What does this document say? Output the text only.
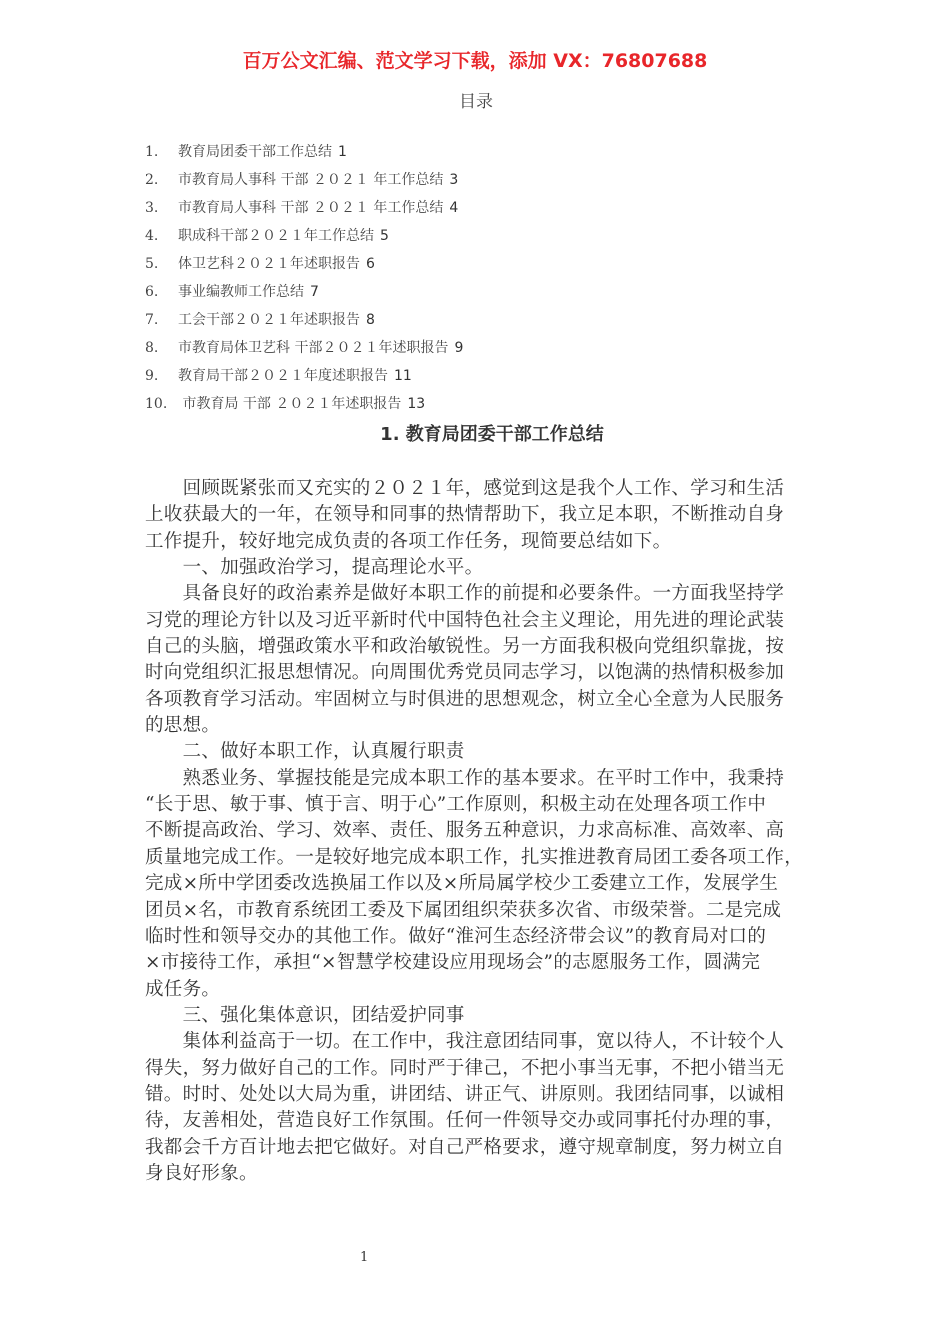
百万公文汇编、范文学习下载，添加 VX：76807688
目录
1. 教育局团委干部工作总结 1
2. 市教育局人事科 干部 ２０２１ 年工作总结 3
3. 市教育局人事科 干部 ２０２１ 年工作总结 4
4. 职成科干部２０２１年工作总结 5
5. 体卫艺科２０２１年述职报告 6
6. 事业编教师工作总结 7
7. 工会干部２０２１年述职报告 8
8. 市教育局体卫艺科 干部２０２１年述职报告 9
9. 教育局干部２０２１年度述职报告 11
10. 市教育局 干部 ２０２１年述职报告 13
1. 教育局团委干部工作总结
　　回顾既紧张而又充实的２０２１年，感觉到这是我个人工作、学习和生活
上收获最大的一年，在领导和同事的热情帮助下，我立足本职，不断推动自身
工作提升，较好地完成负责的各项工作任务，现简要总结如下。
　　一、加强政治学习，提高理论水平。
　　具备良好的政治素养是做好本职工作的前提和必要条件。一方面我坚持学
习党的理论方针以及习近平新时代中国特色社会主义理论，用先进的理论武装
自己的头脑，增强政策水平和政治敏锐性。另一方面我积极向党组织靠拢，按
时向党组织汇报思想情况。向周围优秀党员同志学习，以饱满的热情积极参加
各项教育学习活动。牢固树立与时俱进的思想观念，树立全心全意为人民服务
的思想。
　　二、做好本职工作，认真履行职责
　　熟悉业务、掌握技能是完成本职工作的基本要求。在平时工作中，我秉持
“长于思、敏于事、慎于言、明于心”工作原则，积极主动在处理各项工作中
不断提高政治、学习、效率、责任、服务五种意识，力求高标准、高效率、高
质量地完成工作。一是较好地完成本职工作，扎实推进教育局团工委各项工作，
完成×所中学团委改选换届工作以及×所局属学校少工委建立工作，发展学生
团员×名，市教育系统团工委及下属团组织荣获多次省、市级荣誉。二是完成
临时性和领导交办的其他工作。做好“淮河生态经济带会议”的教育局对口的
×市接待工作，承担“×智慧学校建设应用现场会”的志愿服务工作，圆满完
成任务。
　　三、强化集体意识，团结爱护同事
　　集体利益高于一切。在工作中，我注意团结同事，宽以待人，不计较个人
得失，努力做好自己的工作。同时严于律己，不把小事当无事，不把小错当无
错。时时、处处以大局为重，讲团结、讲正气、讲原则。我团结同事，以诚相
待，友善相处，营造良好工作氛围。任何一件领导交办或同事托付办理的事，
我都会千方百计地去把它做好。对自己严格要求，遵守规章制度，努力树立自
身良好形象。
1
